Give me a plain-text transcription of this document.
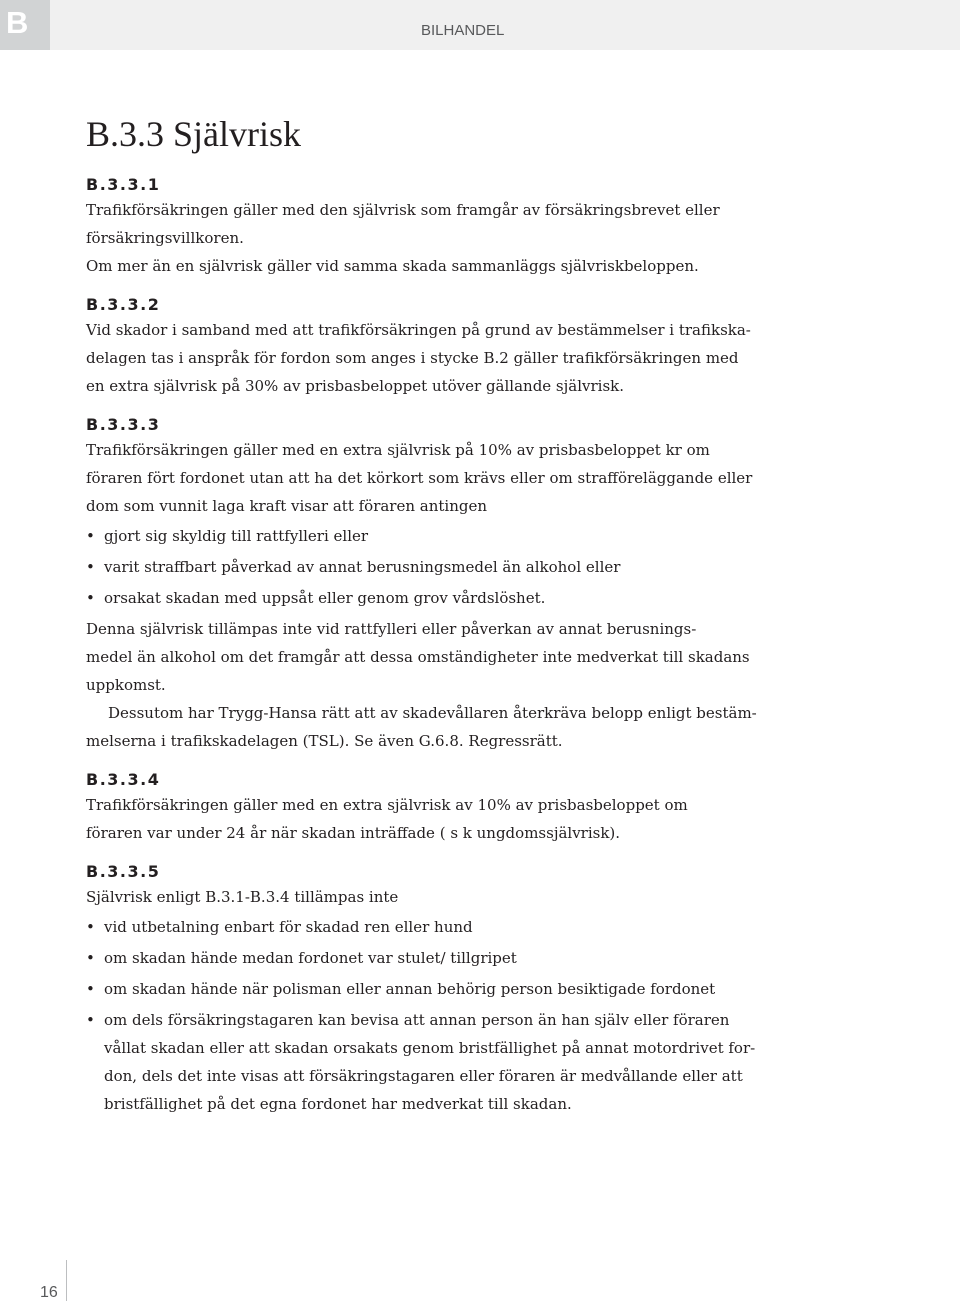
B	BILHANDEL
B.3.3 Självrisk
B.3.3.1

Trafikförsäkringen gäller med den självrisk som framgår av försäkringsbrevet eller

försäkringsvillkoren.

Om mer än en självrisk gäller vid samma skada sammanläggs självriskbeloppen.

B.3.3.2

Vid skador i samband med att trafikförsäkringen på grund av bestämmelser i trafikska-

delagen tas i anspråk för fordon som anges i stycke B.2 gäller trafikförsäkringen med

en extra självrisk på 30% av prisbasbeloppet utöver gällande självrisk.

B.3.3.3

Trafikförsäkringen gäller med en extra självrisk på 10% av prisbasbeloppet kr om

föraren fört fordonet utan att ha det körkort som krävs eller om strafföreläggande eller

dom som vunnit laga kraft visar att föraren antingen

• gjort sig skyldig till rattfylleri eller
• varit straffbart påverkad av annat berusningsmedel än alkohol eller
• orsakat skadan med uppsåt eller genom grov vårdslöshet.

Denna självrisk tillämpas inte vid rattfylleri eller påverkan av annat berusnings-

medel än alkohol om det framgår att dessa omständigheter inte medverkat till skadans

uppkomst.

Dessutom har Trygg-Hansa rätt att av skadevållaren återkräva belopp enligt bestäm-

melserna i trafikskadelagen (TSL). Se även G.6.8. Regressrätt.

B.3.3.4

Trafikförsäkringen gäller med en extra självrisk av 10% av prisbasbeloppet om

föraren var under 24 år när skadan inträffade ( s k ungdomssjälvrisk).

B.3.3.5

Självrisk enligt B.3.1-B.3.4 tillämpas inte

• vid utbetalning enbart för skadad ren eller hund
• om skadan hände medan fordonet var stulet/ tillgripet
• om skadan hände när polisman eller annan behörig person besiktigade fordonet
• om dels försäkringstagaren kan bevisa att annan person än han själv eller föraren
vållat skadan eller att skadan orsakats genom bristfällighet på annat motordrivet for-
don, dels det inte visas att försäkringstagaren eller föraren är medvållande eller att
bristfällighet på det egna fordonet har medverkat till skadan.
16
